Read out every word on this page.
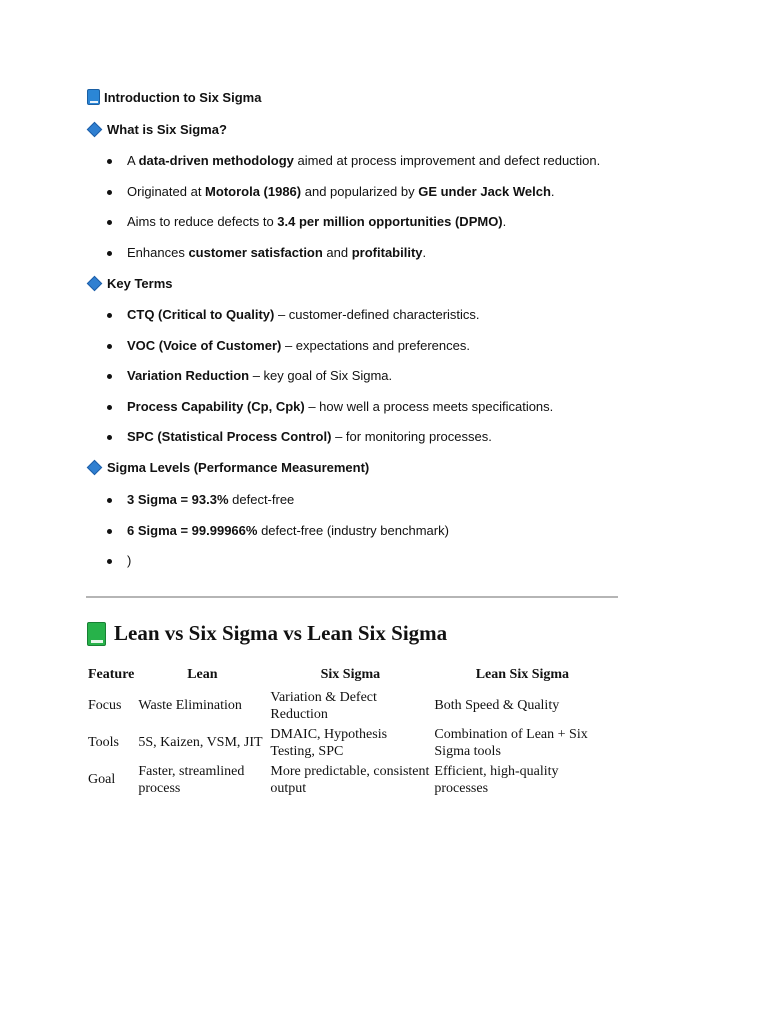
Introduction to Six Sigma
What is Six Sigma?
A data-driven methodology aimed at process improvement and defect reduction.
Originated at Motorola (1986) and popularized by GE under Jack Welch.
Aims to reduce defects to 3.4 per million opportunities (DPMO).
Enhances customer satisfaction and profitability.
Key Terms
CTQ (Critical to Quality) – customer-defined characteristics.
VOC (Voice of Customer) – expectations and preferences.
Variation Reduction – key goal of Six Sigma.
Process Capability (Cp, Cpk) – how well a process meets specifications.
SPC (Statistical Process Control) – for monitoring processes.
Sigma Levels (Performance Measurement)
3 Sigma = 93.3% defect-free
6 Sigma = 99.99966% defect-free (industry benchmark)
)
Lean vs Six Sigma vs Lean Six Sigma
Feature	Lean	Six Sigma	Lean Six Sigma
Focus	Waste Elimination	Variation & Defect Reduction	Both Speed & Quality
Tools	5S, Kaizen, VSM, JIT	DMAIC, Hypothesis Testing, SPC	Combination of Lean + Six Sigma tools
Goal	Faster, streamlined process	More predictable, consistent output	Efficient, high-quality processes
